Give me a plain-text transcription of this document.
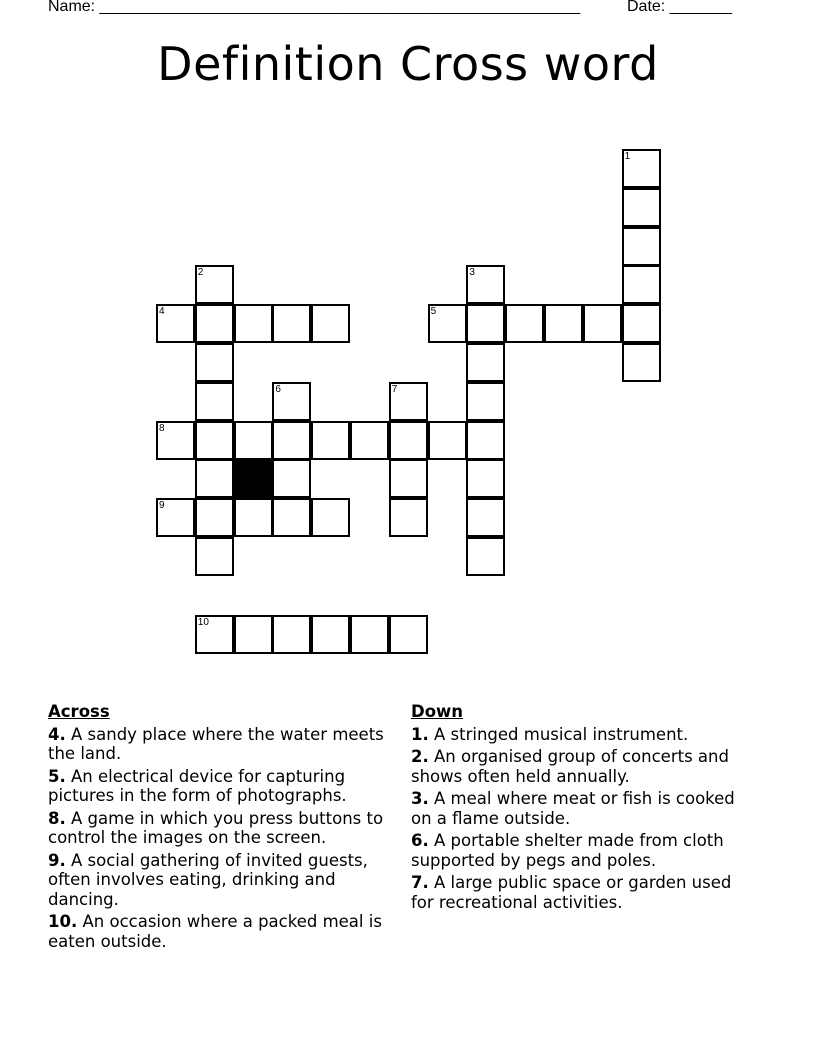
Name: ______________________________________________________	Date: _______
Definition Cross word
1
2	3
4	5
6	7
8
9
10
Across
4. A sandy place where the water meets the land.
5. An electrical device for capturing pictures in the form of photographs.
8. A game in which you press buttons to control the images on the screen.
9. A social gathering of invited guests, often involves eating, drinking and dancing.
10. An occasion where a packed meal is eaten outside.
Down
1. A stringed musical instrument.
2. An organised group of concerts and shows often held annually.
3. A meal where meat or fish is cooked on a flame outside.
6. A portable shelter made from cloth supported by pegs and poles.
7. A large public space or garden used for recreational activities.
